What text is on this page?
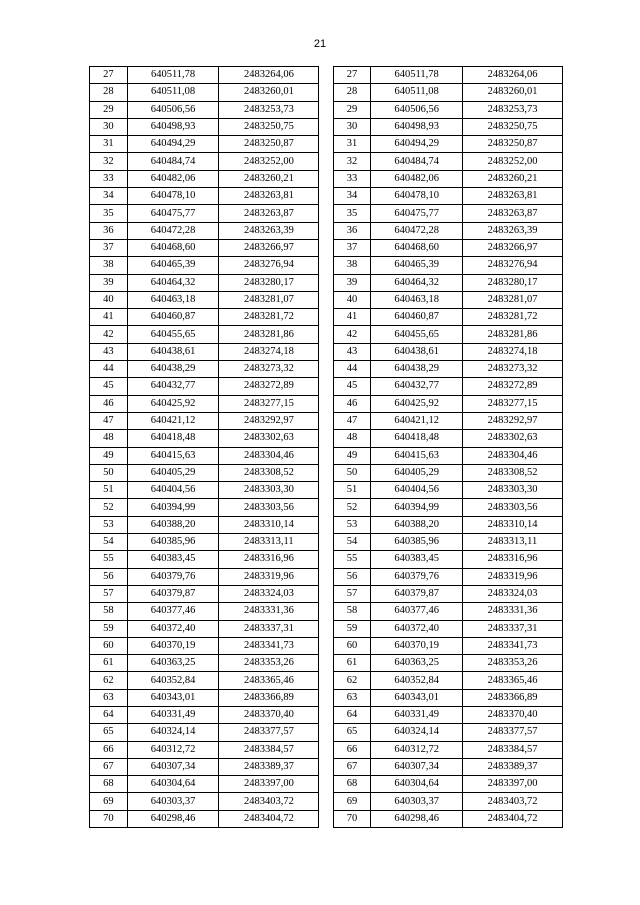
21
27	640511,78	2483264,06		27	640511,78	2483264,06
28	640511,08	2483260,01		28	640511,08	2483260,01
29	640506,56	2483253,73		29	640506,56	2483253,73
30	640498,93	2483250,75		30	640498,93	2483250,75
31	640494,29	2483250,87		31	640494,29	2483250,87
32	640484,74	2483252,00		32	640484,74	2483252,00
33	640482,06	2483260,21		33	640482,06	2483260,21
34	640478,10	2483263,81		34	640478,10	2483263,81
35	640475,77	2483263,87		35	640475,77	2483263,87
36	640472,28	2483263,39		36	640472,28	2483263,39
37	640468,60	2483266,97		37	640468,60	2483266,97
38	640465,39	2483276,94		38	640465,39	2483276,94
39	640464,32	2483280,17		39	640464,32	2483280,17
40	640463,18	2483281,07		40	640463,18	2483281,07
41	640460,87	2483281,72		41	640460,87	2483281,72
42	640455,65	2483281,86		42	640455,65	2483281,86
43	640438,61	2483274,18		43	640438,61	2483274,18
44	640438,29	2483273,32		44	640438,29	2483273,32
45	640432,77	2483272,89		45	640432,77	2483272,89
46	640425,92	2483277,15		46	640425,92	2483277,15
47	640421,12	2483292,97		47	640421,12	2483292,97
48	640418,48	2483302,63		48	640418,48	2483302,63
49	640415,63	2483304,46		49	640415,63	2483304,46
50	640405,29	2483308,52		50	640405,29	2483308,52
51	640404,56	2483303,30		51	640404,56	2483303,30
52	640394,99	2483303,56		52	640394,99	2483303,56
53	640388,20	2483310,14		53	640388,20	2483310,14
54	640385,96	2483313,11		54	640385,96	2483313,11
55	640383,45	2483316,96		55	640383,45	2483316,96
56	640379,76	2483319,96		56	640379,76	2483319,96
57	640379,87	2483324,03		57	640379,87	2483324,03
58	640377,46	2483331,36		58	640377,46	2483331,36
59	640372,40	2483337,31		59	640372,40	2483337,31
60	640370,19	2483341,73		60	640370,19	2483341,73
61	640363,25	2483353,26		61	640363,25	2483353,26
62	640352,84	2483365,46		62	640352,84	2483365,46
63	640343,01	2483366,89		63	640343,01	2483366,89
64	640331,49	2483370,40		64	640331,49	2483370,40
65	640324,14	2483377,57		65	640324,14	2483377,57
66	640312,72	2483384,57		66	640312,72	2483384,57
67	640307,34	2483389,37		67	640307,34	2483389,37
68	640304,64	2483397,00		68	640304,64	2483397,00
69	640303,37	2483403,72		69	640303,37	2483403,72
70	640298,46	2483404,72		70	640298,46	2483404,72
